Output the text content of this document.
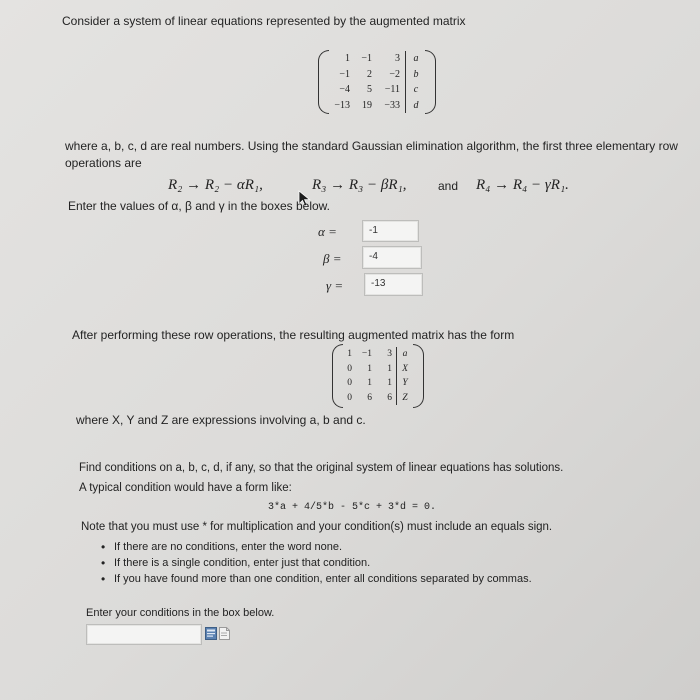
Consider a system of linear equations represented by the augmented matrix
1	−1	3	a
−1	2	−2	b
−4	5	−11	c
−13	19	−33	d
where a, b, c, d are real numbers. Using the standard Gaussian elimination algorithm, the first three elementary row
operations are
R₂ → R₂ − αR₁,	R₃ → R₃ − βR₁,	and R₄ → R₄ − γR₁.
Enter the values of α, β and γ in the boxes below.
α =	-1
β =	-4
γ =	-13
After performing these row operations, the resulting augmented matrix has the form
1	−1	3	a
0	1	1	X
0	1	1	Y
0	6	6	Z
where X, Y and Z are expressions involving a, b and c.
Find conditions on a, b, c, d, if any, so that the original system of linear equations has solutions.
A typical condition would have a form like:
3*a + 4/5*b - 5*c + 3*d = 0.
Note that you must use * for multiplication and your condition(s) must include an equals sign.
• If there are no conditions, enter the word none.
• If there is a single condition, enter just that condition.
• If you have found more than one condition, enter all conditions separated by commas.
Enter your conditions in the box below.
